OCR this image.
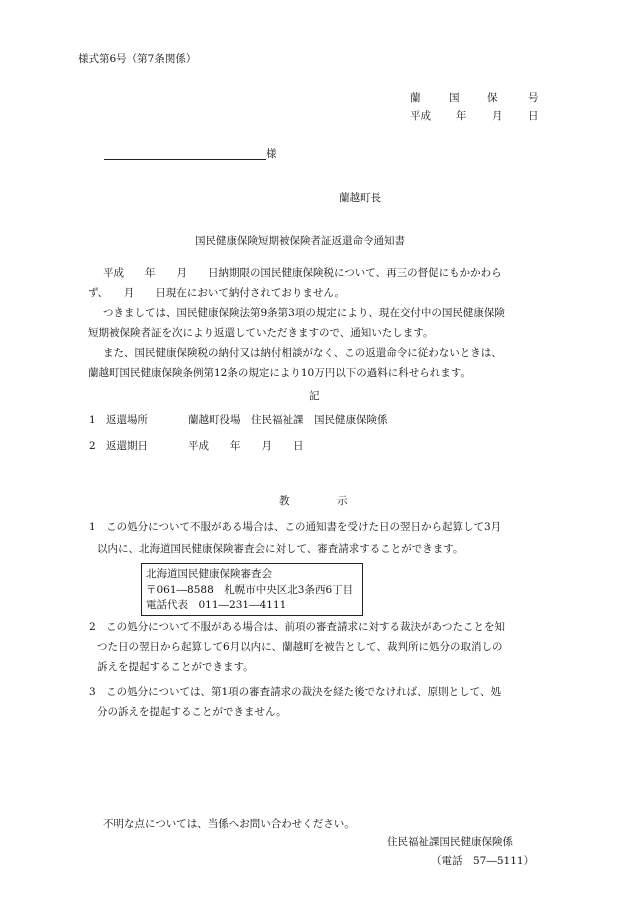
様式第6号（第7条関係）
蘭	国	保	号
平成 年 月 日
様
蘭越町長
国民健康保険短期被保険者証返還命令通知書
平成　　年　　月　　日納期限の国民健康保険税について、再三の督促にもかかわら
ず、　　月　　日現在において納付されておりません。
つきましては、国民健康保険法第9条第3項の規定により、現在交付中の国民健康保険
短期被保険者証を次により返還していただきますので、通知いたします。
また、国民健康保険税の納付又は納付相談がなく、この返還命令に従わないときは、
蘭越町国民健康保険条例第12条の規定により10万円以下の過料に科せられます。
記
1 返還場所	蘭越町役場　住民福祉課　国民健康保険係
2 返還期日	平成　　年　　月　　日
教	示
1　この処分について不服がある場合は、この通知書を受けた日の翌日から起算して3月
以内に、北海道国民健康保険審査会に対して、審査請求することができます。
北海道国民健康保険審査会
〒061―8588　札幌市中央区北3条西6丁目
電話代表　011―231―4111
2　この処分について不服がある場合は、前項の審査請求に対する裁決があつたことを知
つた日の翌日から起算して6月以内に、蘭越町を被告として、裁判所に処分の取消しの
訴えを提起することができます。
3　この処分については、第1項の審査請求の裁決を経た後でなければ、原則として、処
分の訴えを提起することができません。
不明な点については、当係へお問い合わせください。
住民福祉課国民健康保険係
（電話　57―5111）
